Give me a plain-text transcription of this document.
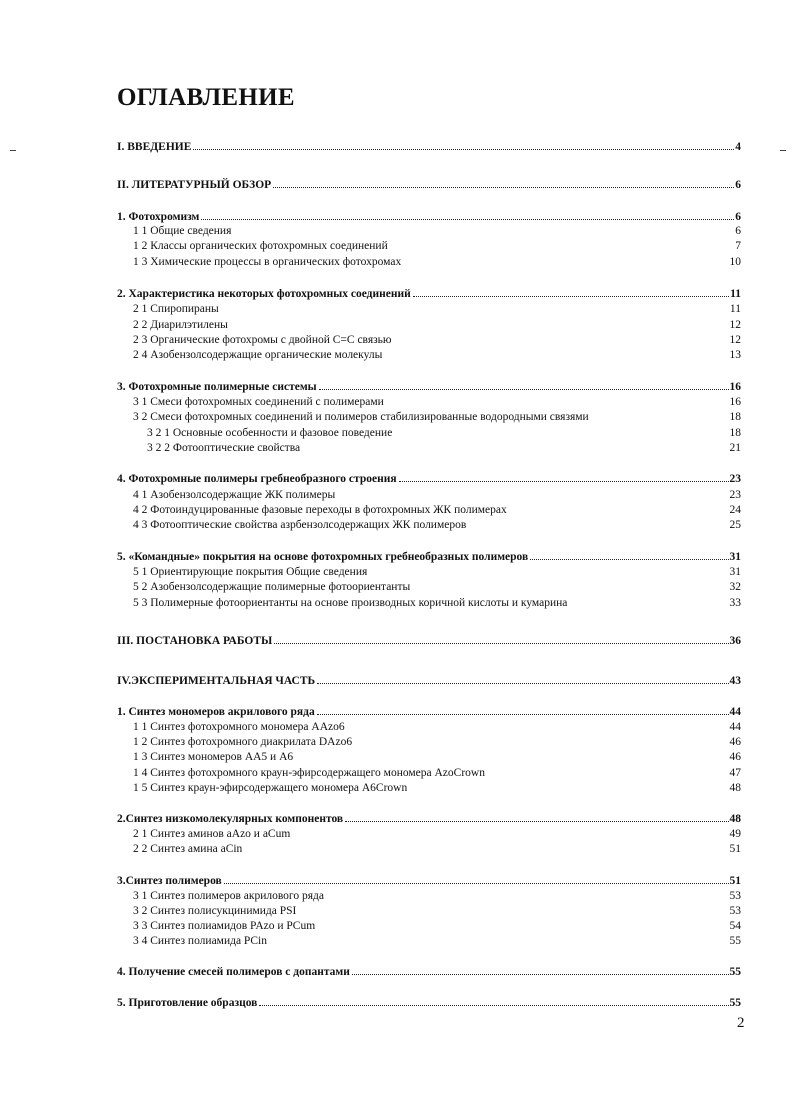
ОГЛАВЛЕНИЕ
I. ВВЕДЕНИЕ	4
II. ЛИТЕРАТУРНЫЙ ОБЗОР	6
1. Фотохромизм	6
1 1 Общие сведения	6
1 2 Классы органических фотохромных соединений	7
1 3 Химические процессы в органических фотохромах	10
2. Характеристика некоторых фотохромных соединений	11
2 1 Спиропираны	11
2 2 Диарилэтилены	12
2 3 Органические фотохромы с двойной C=C связью	12
2 4 Азобензолсодержащие органические молекулы	13
3. Фотохромные полимерные системы	16
3 1 Смеси фотохромных соединений с полимерами	16
3 2 Смеси фотохромных соединений и полимеров стабилизированные водородными связями	18
3 2 1 Основные особенности и фазовое поведение	18
3 2 2 Фотооптические свойства	21
4. Фотохромные полимеры гребнеобразного строения	23
4 1 Азобензолсодержащие ЖК полимеры	23
4 2 Фотоиндуцированные фазовые переходы в фотохромных ЖК полимерах	24
4 3 Фотооптические свойства азрбензолсодержащих ЖК полимеров	25
5. «Командные» покрытия на основе фотохромных гребнеобразных полимеров	31
5 1 Ориентирующие покрытия Общие сведения	31
5 2 Азобензолсодержащие полимерные фотоориентанты	32
5 3 Полимерные фотоориентанты на основе производных коричной кислоты и кумарина	33
III. ПОСТАНОВКА РАБОТЫ	36
IV.ЭКСПЕРИМЕНТАЛЬНАЯ ЧАСТЬ	43
1. Синтез мономеров акрилового ряда	44
1 1 Синтез фотохромного мономера AAzo6	44
1 2 Синтез фотохромного диакрилата DAzo6	46
1 3 Синтез мономеров АА5 и А6	46
1 4 Синтез фотохромного краун-эфирсодержащего мономера AzoCrown	47
1 5 Синтез краун-эфирсодержащего мономера A6Crown	48
2.Синтез низкомолекулярных компонентов	48
2 1 Синтез аминов aAzo и aCum	49
2 2 Синтез амина aCin	51
3.Синтез полимеров	51
3 1 Синтез полимеров акрилового ряда	53
3 2 Синтез полисукцинимида PSI	53
3 3 Синтез полиамидов PAzo и PCum	54
3 4 Синтез полиамида PCin	55
4. Получение смесей полимеров с допантами	55
5. Приготовление образцов	55
2
